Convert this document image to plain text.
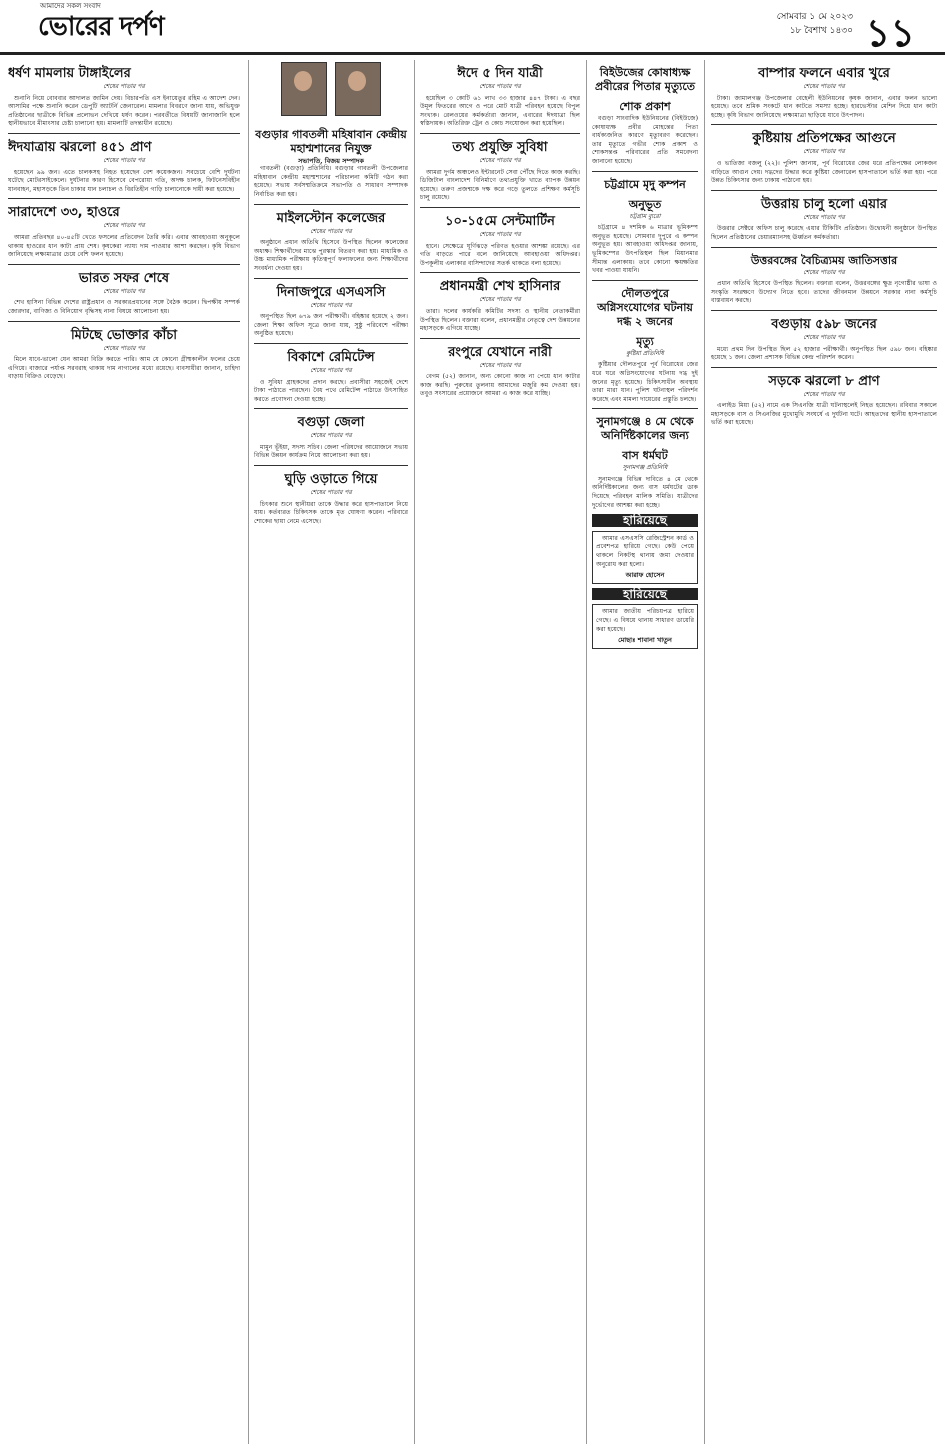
আমাদের সকল সংবাদ
ভোরের দর্পণ	সোমবার ১ মে ২০২৩
১৮ বৈশাখ ১৪৩০ ১১
ধর্ষণ মামলায় টাঙ্গাইলের
শেষের পাতার পর

শুনানি নিয়ে বোববার আদালত জামিন দেয়। বিচারপতি এস ইনায়েতুর রহিম এ আদেশ দেন। আসামির পক্ষে শুনানি করেন ডেপুটি অ্যাটর্নি জেনারেল। মামলার বিবরণে জানা যায়, অভিযুক্ত প্রতিষ্ঠানের ছাত্রীকে বিভিন্ন প্রলোভন দেখিয়ে ধর্ষণ করেন। পরবর্তীতে বিষয়টি জানাজানি হলে স্থানীয়ভাবে মীমাংসার চেষ্টা চালানো হয়। মামলাটি তদন্তাধীন রয়েছে।

ঈদযাত্রায় ঝরলো ৪৫১ প্রাণ
শেষের পাতার পর

হয়েছেন ৯৯ জন। এতে চালকসহ নিহত হয়েছেন বেশ কয়েকজন। সবচেয়ে বেশি দুর্ঘটনা ঘটেছে মোটরসাইকেলে। দুর্ঘটনার কারণ হিসেবে বেপরোয়া গতি, অদক্ষ চালক, ফিটনেসবিহীন যানবাহন, মহাসড়কে তিন চাকার যান চলাচল ও বিরতিহীন গাড়ি চালানোকে দায়ী করা হয়েছে।

সারাদেশে ৩৩, হাওরে
শেষের পাতার পর

আমরা প্রতিবছর ৪০-৪৫টি খেতে ফসলের প্রতিবেদন তৈরি করি। এবার আবহাওয়া অনুকূলে থাকায় হাওরের ধান কাটা প্রায় শেষ। কৃষকেরা ন্যায্য দাম পাওয়ার আশা করছেন। কৃষি বিভাগ জানিয়েছে লক্ষ্যমাত্রার চেয়ে বেশি ফলন হয়েছে।

ভারত সফর শেষে
শেষের পাতার পর

শেখ হাসিনা বিভিন্ন দেশের রাষ্ট্রপ্রধান ও সরকারপ্রধানের সঙ্গে বৈঠক করেন। দ্বিপক্ষীয় সম্পর্ক জোরদার, বাণিজ্য ও বিনিয়োগ বৃদ্ধিসহ নানা বিষয়ে আলোচনা হয়।

মিটছে ভোক্তার কাঁচা
শেষের পাতার পর

মিলে যাবে-ভালো যেন আমরা বিক্রি করতে পারি। আম যে কোনো গ্রীষ্মকালীন ফলের চেয়ে এগিয়ে। বাজারে পর্যাপ্ত সরবরাহ থাকায় দাম নাগালের মধ্যে রয়েছে। ব্যবসায়ীরা জানান, চাহিদা বাড়ায় বিক্রিও বেড়েছে।

বগুড়ার গাবতলী মহিষাবান কেন্দ্রীয় মহাশ্মশানের নিযুক্ত
সভাপতি, বিজয় সম্পাদক

গাবতলী (বগুড়া) প্রতিনিধি। বগুড়ার গাবতলী উপজেলার মহিষাবান কেন্দ্রীয় মহাশ্মশানের পরিচালনা কমিটি গঠন করা হয়েছে। সভায় সর্বসম্মতিক্রমে সভাপতি ও সাধারণ সম্পাদক নির্বাচিত করা হয়।

মাইলস্টোন কলেজের
শেষের পাতার পর

অনুষ্ঠানে প্রধান অতিথি হিসেবে উপস্থিত ছিলেন কলেজের অধ্যক্ষ। শিক্ষার্থীদের মাঝে পুরস্কার বিতরণ করা হয়। মাধ্যমিক ও উচ্চ মাধ্যমিক পরীক্ষায় কৃতিত্বপূর্ণ ফলাফলের জন্য শিক্ষার্থীদের সংবর্ধনা দেওয়া হয়।

দিনাজপুরে এসএসসি
শেষের পাতার পর

অনুপস্থিত ছিল ৬৭৯ জন পরীক্ষার্থী। বহিষ্কার হয়েছে ২ জন। জেলা শিক্ষা অফিস সূত্রে জানা যায়, সুষ্ঠু পরিবেশে পরীক্ষা অনুষ্ঠিত হয়েছে।

বিকাশে রেমিটেন্স
শেষের পাতার পর

ও সুবিধা গ্রাহকদের প্রদান করছে। প্রবাসীরা সহজেই দেশে টাকা পাঠাতে পারছেন। বৈধ পথে রেমিটেন্স পাঠাতে উৎসাহিত করতে প্রণোদনা দেওয়া হচ্ছে।

বগুড়া জেলা
শেষের পাতার পর

মামুন ভূঁইয়া, সদস্য সচিব। জেলা পরিষদের আয়োজনে সভায় বিভিন্ন উন্নয়ন কার্যক্রম নিয়ে আলোচনা করা হয়।

ঘুড়ি ওড়াতে গিয়ে
শেষের পাতার পর

চিৎকার শুনে স্থানীয়রা তাকে উদ্ধার করে হাসপাতালে নিয়ে যায়। কর্তব্যরত চিকিৎসক তাকে মৃত ঘোষণা করেন। পরিবারে শোকের ছায়া নেমে এসেছে।

ঈদে ৫ দিন যাত্রী
শেষের পাতার পর

হয়েছিল ৩ কোটি ৬১ লাখ ৩৩ হাজার ৪৪৭ টাকা। এ বছর উমূল ফিতরের আগে ও পরে মোট যাত্রী পরিবহন হয়েছে বিপুল সংখ্যক। রেলওয়ের কর্মকর্তারা জানান, এবারের ঈদযাত্রা ছিল স্বস্তিদায়ক। অতিরিক্ত ট্রেন ও কোচ সংযোজন করা হয়েছিল।

তথ্য প্রযুক্তি সুবিধা
শেষের পাতার পর

আমরা দুর্গম অঞ্চলেও ইন্টারনেট সেবা পৌঁছে দিতে কাজ করছি। ডিজিটাল বাংলাদেশ বিনির্মাণে তথ্যপ্রযুক্তি খাতে ব্যাপক উন্নয়ন হয়েছে। তরুণ প্রজন্মকে দক্ষ করে গড়ে তুলতে প্রশিক্ষণ কর্মসূচি চালু রয়েছে।

১০-১৫মে সেন্টমার্টিন
শেষের পাতার পর

হানে। সেক্ষেত্রে ঘূর্ণিঝড়ে পরিণত হওয়ার আশঙ্কা রয়েছে। এর গতি বাড়তে পারে বলে জানিয়েছে আবহাওয়া অধিদপ্তর। উপকূলীয় এলাকার বাসিন্দাদের সতর্ক থাকতে বলা হয়েছে।

প্রধানমন্ত্রী শেখ হাসিনার
শেষের পাতার পর

তারা। দলের কার্যকরি কমিটির সদস্য ও স্থানীয় নেতাকর্মীরা উপস্থিত ছিলেন। বক্তারা বলেন, প্রধানমন্ত্রীর নেতৃত্বে দেশ উন্নয়নের মহাসড়কে এগিয়ে যাচ্ছে।

রংপুরে যেখানে নারী
শেষের পাতার পর

বেগম (৫২) জানান, অন্য কোনো কাজ না পেয়ে ধান কাটার কাজ করছি। পুরুষের তুলনায় আমাদের মজুরি কম দেওয়া হয়। তবুও সংসারের প্রয়োজনে আমরা এ কাজ করে যাচ্ছি।

বিইউজের কোষাধ্যক্ষ প্রবীরের পিতার মৃত্যুতে
শোক প্রকাশ

বগুড়া সাংবাদিক ইউনিয়নের (বিইউজে) কোষাধ্যক্ষ প্রবীর মোহন্তের পিতা বার্ধক্যজনিত কারণে মৃত্যুবরণ করেছেন। তার মৃত্যুতে গভীর শোক প্রকাশ ও শোকসন্তপ্ত পরিবারের প্রতি সমবেদনা জানানো হয়েছে।

চট্টগ্রামে মৃদু কম্পন
অনুভূত
চট্টগ্রাম ব্যুরো

চট্টগ্রামে ৪ দশমিক ৬ মাত্রার ভূমিকম্প অনুভূত হয়েছে। সোমবার দুপুরে এ কম্পন অনুভূত হয়। আবহাওয়া অধিদপ্তর জানায়, ভূমিকম্পের উৎপত্তিস্থল ছিল মিয়ানমার সীমান্ত এলাকায়। তবে কোনো ক্ষয়ক্ষতির খবর পাওয়া যায়নি।

দৌলতপুরে অগ্নিসংযোগের ঘটনায় দগ্ধ ২ জনের
মৃত্যু
কুষ্টিয়া প্রতিনিধি

কুষ্টিয়ার দৌলতপুরে পূর্ব বিরোধের জের ধরে ঘরে অগ্নিসংযোগের ঘটনায় দগ্ধ দুই জনের মৃত্যু হয়েছে। চিকিৎসাধীন অবস্থায় তারা মারা যান। পুলিশ ঘটনাস্থল পরিদর্শন করেছে এবং মামলা দায়েরের প্রস্তুতি চলছে।

সুনামগঞ্জে ৪ মে থেকে অনির্দিষ্টকালের জন্য
বাস ধর্মঘট
সুনামগঞ্জ প্রতিনিধি

সুনামগঞ্জে বিভিন্ন দাবিতে ৪ মে থেকে অনির্দিষ্টকালের জন্য বাস ধর্মঘটের ডাক দিয়েছে পরিবহন মালিক সমিতি। যাত্রীদের দুর্ভোগের আশঙ্কা করা হচ্ছে।

হারিয়েছে

আমার এসএসসি রেজিস্ট্রেশন কার্ড ও প্রবেশপত্র হারিয়ে গেছে। কেউ পেয়ে থাকলে নিকটস্থ থানায় জমা দেওয়ার অনুরোধ করা হলো।

আরাফ হোসেন
হারিয়েছে

আমার জাতীয় পরিচয়পত্র হারিয়ে গেছে। এ বিষয়ে থানায় সাধারণ ডায়েরি করা হয়েছে।

মোছাঃ শাবানা খাতুন
বাম্পার ফলনে এবার খুরে
শেষের পাতার পর

টাকা। জামালগঞ্জ উপজেলার বেহেলী ইউনিয়নের কৃষক জানান, এবার ফলন ভালো হয়েছে। তবে শ্রমিক সংকটে ধান কাটতে সমস্যা হচ্ছে। হারভেস্টার মেশিন দিয়ে ধান কাটা হচ্ছে। কৃষি বিভাগ জানিয়েছে লক্ষ্যমাত্রা ছাড়িয়ে যাবে উৎপাদন।

কুষ্টিয়ায় প্রতিপক্ষের আগুনে
শেষের পাতার পর

ও ভাতিজা বজলু (২২)। পুলিশ জানায়, পূর্ব বিরোধের জের ধরে প্রতিপক্ষের লোকজন বাড়িতে আগুন দেয়। দগ্ধদের উদ্ধার করে কুষ্টিয়া জেনারেল হাসপাতালে ভর্তি করা হয়। পরে উন্নত চিকিৎসার জন্য ঢাকায় পাঠানো হয়।

উত্তরায় চালু হলো এয়ার
শেষের পাতার পর

উত্তরার সেক্টরে অফিস চালু করেছে এয়ার টিকিটিং প্রতিষ্ঠান। উদ্বোধনী অনুষ্ঠানে উপস্থিত ছিলেন প্রতিষ্ঠানের চেয়ারম্যানসহ ঊর্ধ্বতন কর্মকর্তারা।

উত্তরবঙ্গের বৈচিত্র্যময় জাতিসত্তার
শেষের পাতার পর

প্রধান অতিথি হিসেবে উপস্থিত ছিলেন। বক্তারা বলেন, উত্তরবঙ্গের ক্ষুদ্র নৃগোষ্ঠীর ভাষা ও সংস্কৃতি সংরক্ষণে উদ্যোগ নিতে হবে। তাদের জীবনমান উন্নয়নে সরকার নানা কর্মসূচি বাস্তবায়ন করছে।

বগুড়ায় ৫৯৮ জনের
শেষের পাতার পর

মধ্যে প্রথম দিন উপস্থিত ছিল ৫২ হাজার পরীক্ষার্থী। অনুপস্থিত ছিল ৫৯৮ জন। বহিষ্কার হয়েছে ১ জন। জেলা প্রশাসক বিভিন্ন কেন্দ্র পরিদর্শন করেন।

সড়কে ঝরলো ৮ প্রাণ
শেষের পাতার পর

এলাইড মিয়া (৫২) নামে এক সিএনজি যাত্রী ঘটনাস্থলেই নিহত হয়েছেন। রবিবার সকালে মহাসড়কে বাস ও সিএনজির মুখোমুখি সংঘর্ষে এ দুর্ঘটনা ঘটে। আহতদের স্থানীয় হাসপাতালে ভর্তি করা হয়েছে।
